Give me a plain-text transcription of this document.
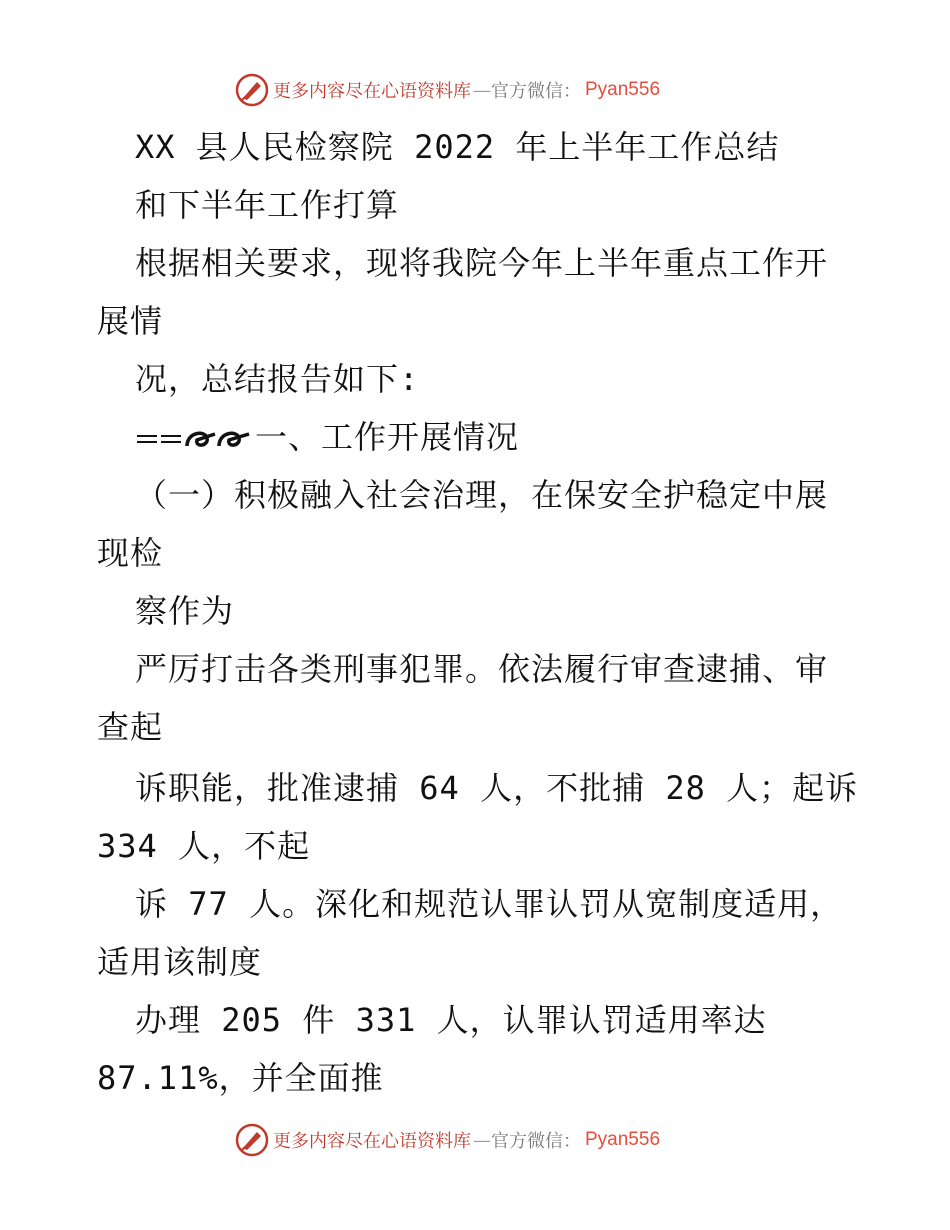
更多内容尽在心语资料库 — 官方微信： Pyan556
XX 县人民检察院 2022 年上半年工作总结
和下半年工作打算
根据相关要求，现将我院今年上半年重点工作开
展情
况，总结报告如下:
一、工作开展情况
（一）积极融入社会治理，在保安全护稳定中展
现检
察作为
严厉打击各类刑事犯罪。依法履行审查逮捕、审
查起
诉职能，批准逮捕 64 人，不批捕 28 人；起诉
334 人，不起
诉 77 人。深化和规范认罪认罚从宽制度适用，
适用该制度
办理 205 件 331 人，认罪认罚适用率达
87.11%，并全面推
更多内容尽在心语资料库 — 官方微信： Pyan556
